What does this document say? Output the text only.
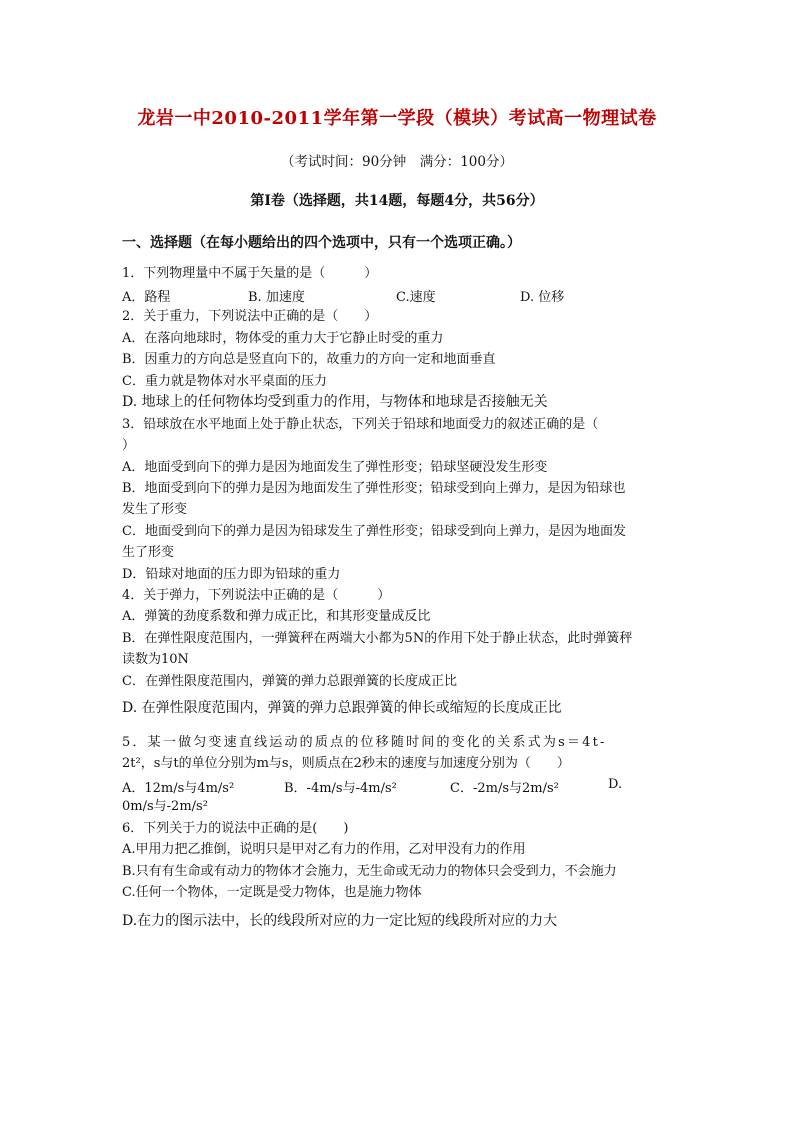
龙岩一中2010-2011学年第一学段（模块）考试高一物理试卷
（考试时间：90分钟　满分：100分）
第Ⅰ卷（选择题，共14题，每题4分，共56分）
一、选择题（在每小题给出的四个选项中，只有一个选项正确。）
1．下列物理量中不属于矢量的是（　　　）
A．路程	B. 加速度	C.速度	D. 位移
2．关于重力，下列说法中正确的是（　　）
A．在落向地球时，物体受的重力大于它静止时受的重力
B．因重力的方向总是竖直向下的，故重力的方向一定和地面垂直
C．重力就是物体对水平桌面的压力
D. 地球上的任何物体均受到重力的作用，与物体和地球是否接触无关
3．铅球放在水平地面上处于静止状态，下列关于铅球和地面受力的叙述正确的是（
）
A．地面受到向下的弹力是因为地面发生了弹性形变；铅球坚硬没发生形变
B．地面受到向下的弹力是因为地面发生了弹性形变；铅球受到向上弹力，是因为铅球也
发生了形变
C．地面受到向下的弹力是因为铅球发生了弹性形变；铅球受到向上弹力，是因为地面发
生了形变
D．铅球对地面的压力即为铅球的重力
4．关于弹力，下列说法中正确的是（　　　）
A．弹簧的劲度系数和弹力成正比，和其形变量成反比
B．在弹性限度范围内，一弹簧秤在两端大小都为5N的作用下处于静止状态，此时弹簧秤
读数为10N
C．在弹性限度范围内，弹簧的弹力总跟弹簧的长度成正比
D. 在弹性限度范围内，弹簧的弹力总跟弹簧的伸长或缩短的长度成正比
5．某一做匀变速直线运动的质点的位移随时间的变化的关系式为s＝4t-
2t²，s与t的单位分别为m与s，则质点在2秒末的速度与加速度分别为（　　）
A．12m/s与4m/s²	B．-4m/s与-4m/s²	C．-2m/s与2m/s²	D.
0m/s与-2m/s²
6．下列关于力的说法中正确的是(　　)
A.甲用力把乙推倒，说明只是甲对乙有力的作用，乙对甲没有力的作用
B.只有有生命或有动力的物体才会施力，无生命或无动力的物体只会受到力，不会施力
C.任何一个物体，一定既是受力物体，也是施力物体
D.在力的图示法中，长的线段所对应的力一定比短的线段所对应的力大
